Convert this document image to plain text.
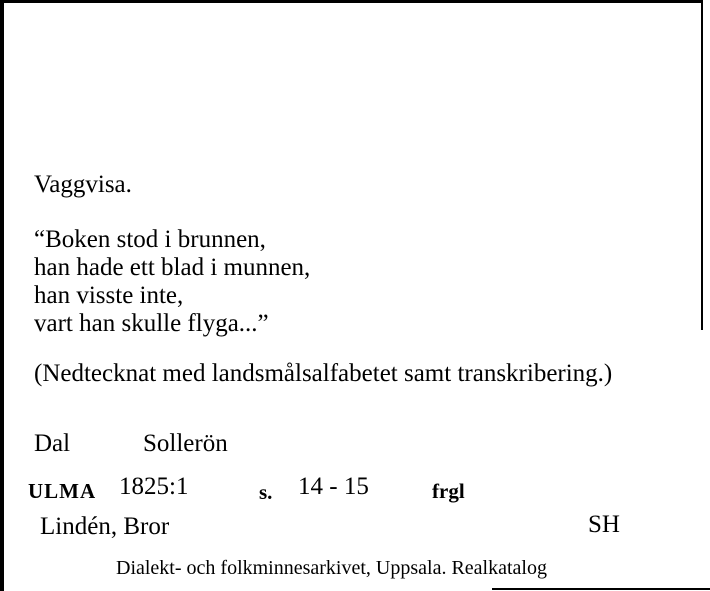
Vaggvisa.
“Boken stod i brunnen,
han hade ett blad i munnen,
han visste inte,
vart han skulle flyga...”
(Nedtecknat med landsmålsalfabetet samt transkribering.)
Dal	Sollerön
ULMA 1825:1	s. 14 - 15	frgl
Lindén, Bror	SH
Dialekt- och folkminnesarkivet, Uppsala. Realkatalog
